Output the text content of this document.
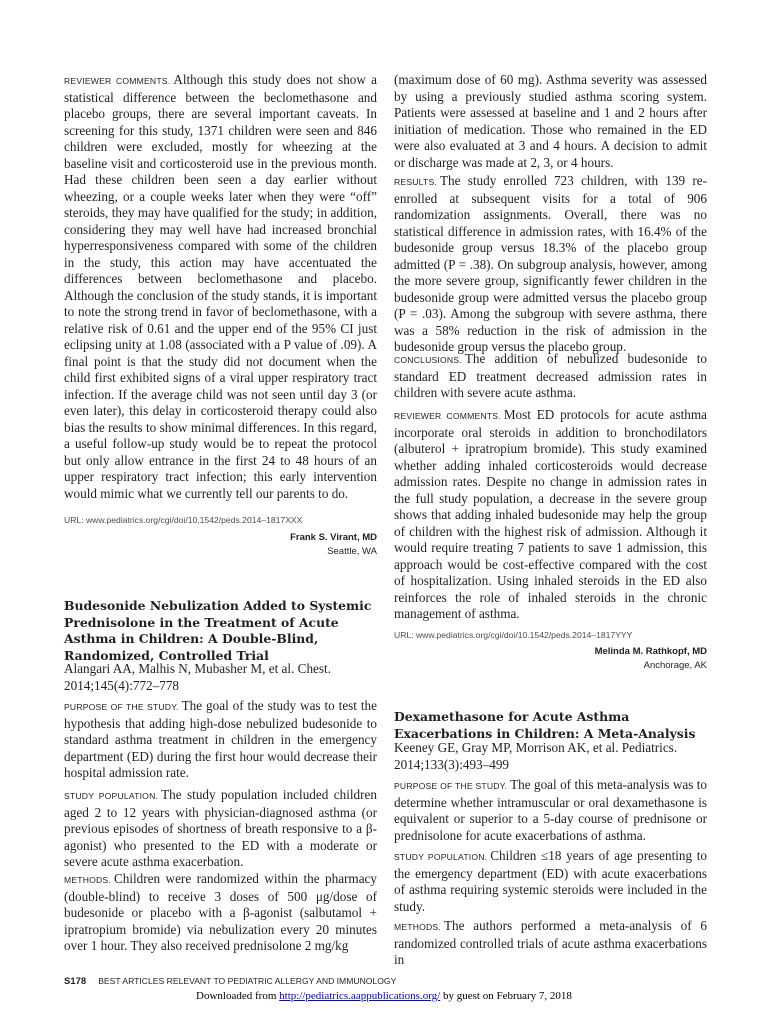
REVIEWER COMMENTS. Although this study does not show a statistical difference between the beclomethasone and placebo groups, there are several important caveats. In screening for this study, 1371 children were seen and 846 children were excluded, mostly for wheezing at the baseline visit and corticosteroid use in the previous month. Had these children been seen a day earlier without wheezing, or a couple weeks later when they were “off” steroids, they may have qualified for the study; in addition, considering they may well have had increased bronchial hyperresponsiveness compared with some of the children in the study, this action may have accentuated the differences between beclomethasone and placebo. Although the conclusion of the study stands, it is important to note the strong trend in favor of beclomethasone, with a relative risk of 0.61 and the upper end of the 95% CI just eclipsing unity at 1.08 (associated with a P value of .09). A final point is that the study did not document when the child first exhibited signs of a viral upper respiratory tract infection. If the average child was not seen until day 3 (or even later), this delay in corticosteroid therapy could also bias the results to show minimal differences. In this regard, a useful follow-up study would be to repeat the protocol but only allow entrance in the first 24 to 48 hours of an upper respiratory tract infection; this early intervention would mimic what we currently tell our parents to do.

URL: www.pediatrics.org/cgi/doi/10.1542/peds.2014–1817XXX
Frank S. Virant, MD
Seattle, WA
Budesonide Nebulization Added to Systemic Prednisolone in the Treatment of Acute Asthma in Children: A Double-Blind, Randomized, Controlled Trial
Alangari AA, Malhis N, Mubasher M, et al. Chest. 2014;145(4):772–778

PURPOSE OF THE STUDY. The goal of the study was to test the hypothesis that adding high-dose nebulized budesonide to standard asthma treatment in children in the emergency department (ED) during the first hour would decrease their hospital admission rate.

STUDY POPULATION. The study population included children aged 2 to 12 years with physician-diagnosed asthma (or previous episodes of shortness of breath responsive to a β-agonist) who presented to the ED with a moderate or severe acute asthma exacerbation.

METHODS. Children were randomized within the pharmacy (double-blind) to receive 3 doses of 500 μg/dose of budesonide or placebo with a β-agonist (salbutamol + ipratropium bromide) via nebulization every 20 minutes over 1 hour. They also received prednisolone 2 mg/kg

(maximum dose of 60 mg). Asthma severity was assessed by using a previously studied asthma scoring system. Patients were assessed at baseline and 1 and 2 hours after initiation of medication. Those who remained in the ED were also evaluated at 3 and 4 hours. A decision to admit or discharge was made at 2, 3, or 4 hours.

RESULTS. The study enrolled 723 children, with 139 re-enrolled at subsequent visits for a total of 906 randomization assignments. Overall, there was no statistical difference in admission rates, with 16.4% of the budesonide group versus 18.3% of the placebo group admitted (P = .38). On subgroup analysis, however, among the more severe group, significantly fewer children in the budesonide group were admitted versus the placebo group (P = .03). Among the subgroup with severe asthma, there was a 58% reduction in the risk of admission in the budesonide group versus the placebo group.

CONCLUSIONS. The addition of nebulized budesonide to standard ED treatment decreased admission rates in children with severe acute asthma.

REVIEWER COMMENTS. Most ED protocols for acute asthma incorporate oral steroids in addition to bronchodilators (albuterol + ipratropium bromide). This study examined whether adding inhaled corticosteroids would decrease admission rates. Despite no change in admission rates in the full study population, a decrease in the severe group shows that adding inhaled budesonide may help the group of children with the highest risk of admission. Although it would require treating 7 patients to save 1 admission, this approach would be cost-effective compared with the cost of hospitalization. Using inhaled steroids in the ED also reinforces the role of inhaled steroids in the chronic management of asthma.

URL: www.pediatrics.org/cgi/doi/10.1542/peds.2014–1817YYY
Melinda M. Rathkopf, MD
Anchorage, AK
Dexamethasone for Acute Asthma Exacerbations in Children: A Meta-Analysis
Keeney GE, Gray MP, Morrison AK, et al. Pediatrics. 2014;133(3):493–499

PURPOSE OF THE STUDY. The goal of this meta-analysis was to determine whether intramuscular or oral dexamethasone is equivalent or superior to a 5-day course of prednisone or prednisolone for acute exacerbations of asthma.

STUDY POPULATION. Children ≤18 years of age presenting to the emergency department (ED) with acute exacerbations of asthma requiring systemic steroids were included in the study.

METHODS. The authors performed a meta-analysis of 6 randomized controlled trials of acute asthma exacerbations in

S178 BEST ARTICLES RELEVANT TO PEDIATRIC ALLERGY AND IMMUNOLOGY
Downloaded from http://pediatrics.aappublications.org/ by guest on February 7, 2018
